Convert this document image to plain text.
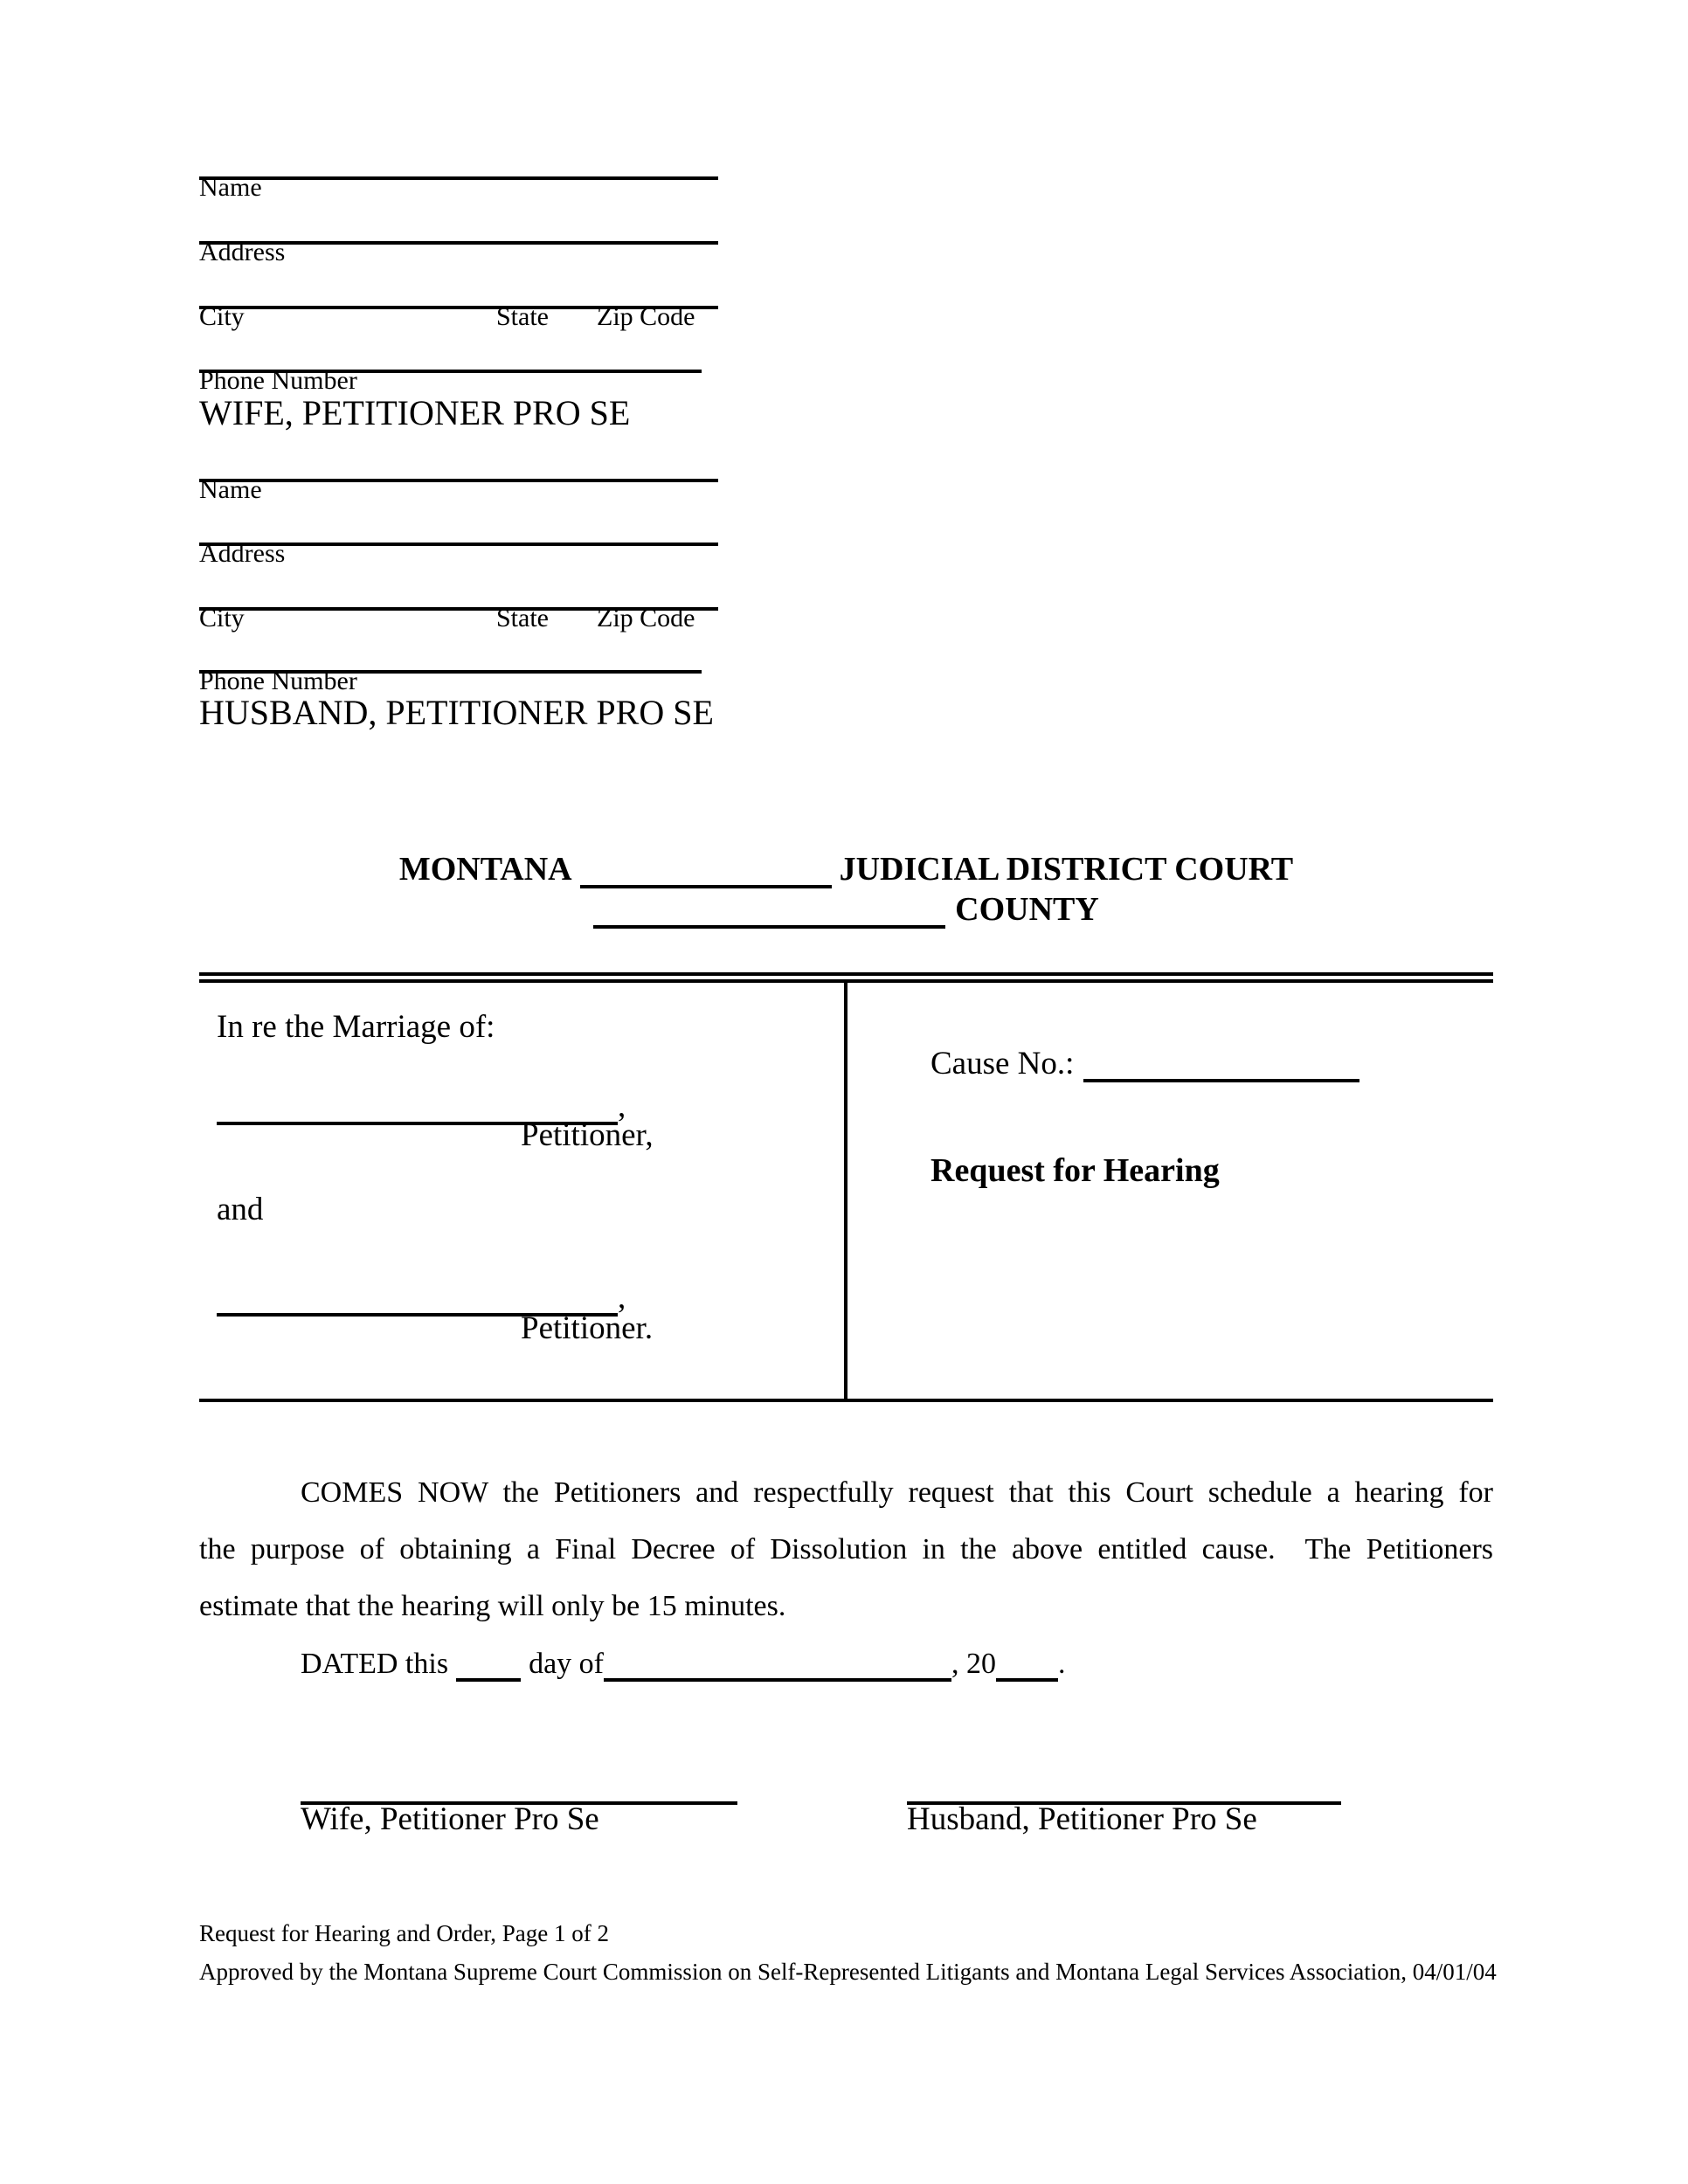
Name
Address
City	State Zip Code
Phone Number
WIFE, PETITIONER PRO SE
Name
Address
City	State Zip Code
Phone Number
HUSBAND, PETITIONER PRO SE
MONTANA	JUDICIAL DISTRICT COURT
COUNTY
In re the Marriage of:
,
Petitioner,
and
,
Petitioner.
Cause No.:
Request for Hearing
COMES NOW the Petitioners and respectfully request that this Court schedule a hearing for
the purpose of obtaining a Final Decree of Dissolution in the above entitled cause.  The Petitioners
estimate that the hearing will only be 15 minutes.
DATED this	day of	, 20 .
Wife, Petitioner Pro Se	Husband, Petitioner Pro Se
Request for Hearing and Order, Page 1 of 2
Approved by the Montana Supreme Court Commission on Self-Represented Litigants and Montana Legal Services Association, 04/01/04
